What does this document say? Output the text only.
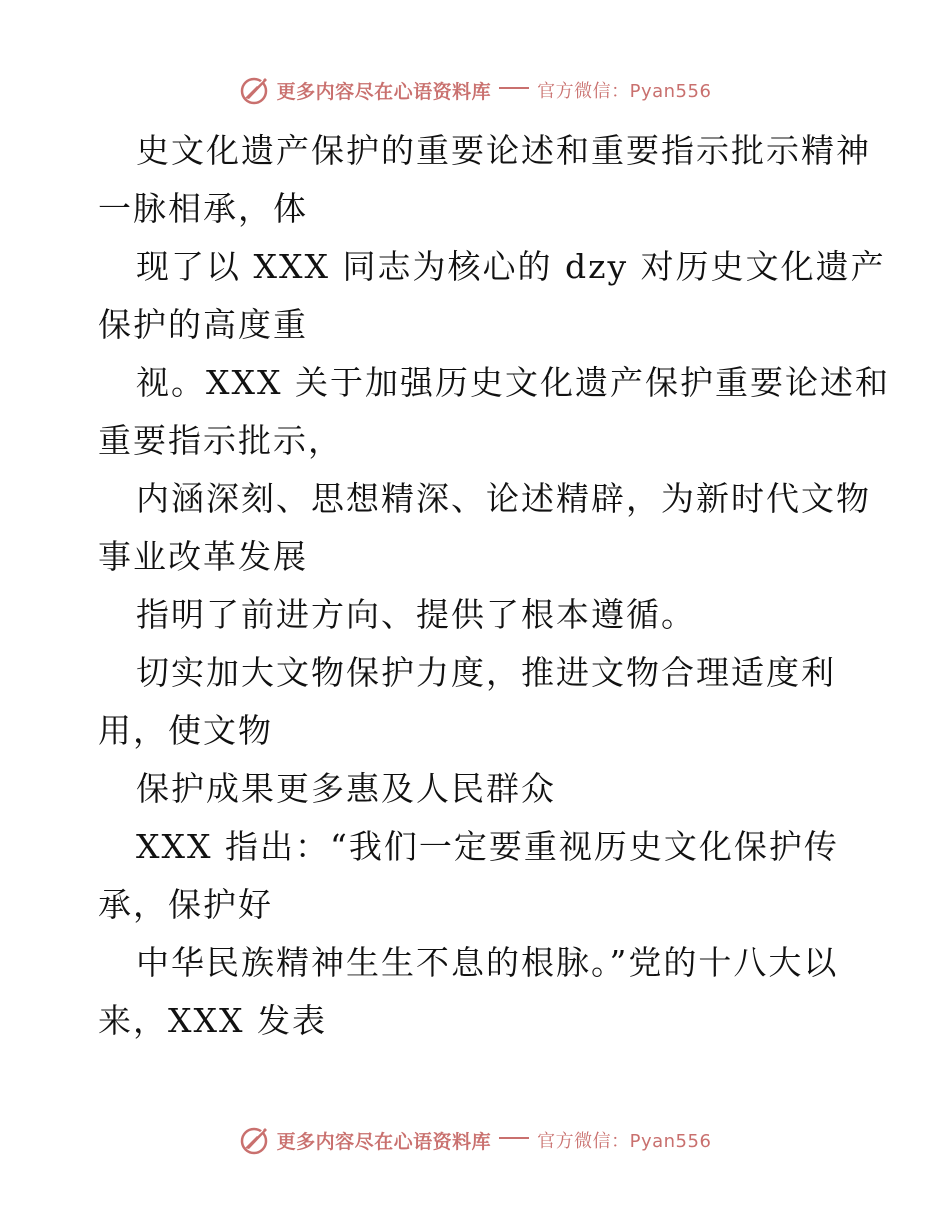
更多内容尽在心语资料库	官方微信：Pyan556
史文化遗产保护的重要论述和重要指示批示精神
一脉相承，体
现了以 XXX 同志为核心的 dzy 对历史文化遗产
保护的高度重
视。XXX 关于加强历史文化遗产保护重要论述和
重要指示批示，
内涵深刻、思想精深、论述精辟，为新时代文物
事业改革发展
指明了前进方向、提供了根本遵循。
切实加大文物保护力度，推进文物合理适度利
用，使文物
保护成果更多惠及人民群众
XXX 指出：“我们一定要重视历史文化保护传
承，保护好
中华民族精神生生不息的根脉。”党的十八大以
来，XXX 发表
更多内容尽在心语资料库	官方微信：Pyan556
